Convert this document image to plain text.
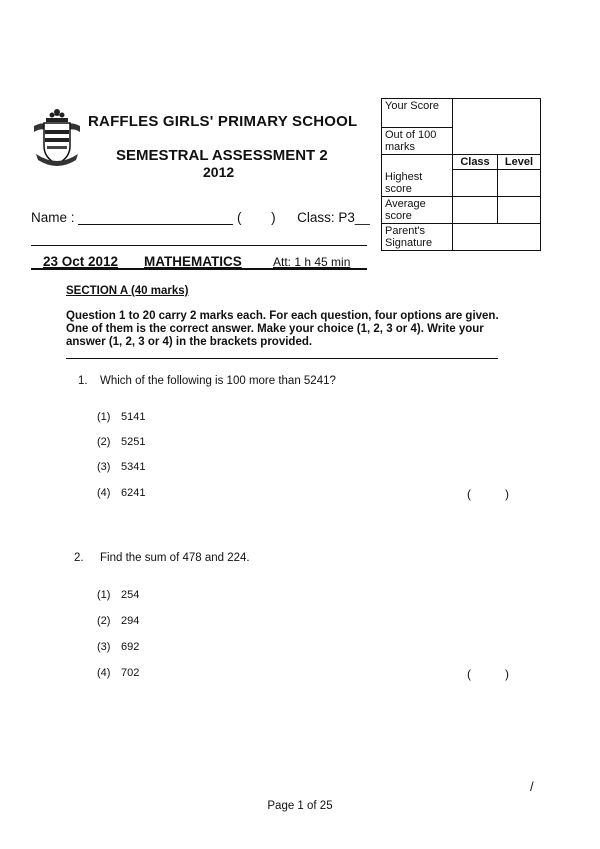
RAFFLES GIRLS' PRIMARY SCHOOL
SEMESTRAL ASSESSMENT 2
2012
Name :	( ) Class: P3__
23 Oct 2012 MATHEMATICS	Att: 1 h 45 min
Your Score		
Out of 100 marks		
	Class	Level
Highest score		
Average score		
Parent's Signature		
SECTION A (40 marks)
Question 1 to 20 carry 2 marks each. For each question, four options are given. One of them is the correct answer. Make your choice (1, 2, 3 or 4). Write your answer (1, 2, 3 or 4) in the brackets provided.
1. Which of the following is 100 more than 5241?
(1) 5141
(2) 5251
(3) 5341
(4) 6241	(	)
2. Find the sum of 478 and 224.
(1) 254
(2) 294
(3) 692
(4) 702	(	)
/
Page 1 of 25
